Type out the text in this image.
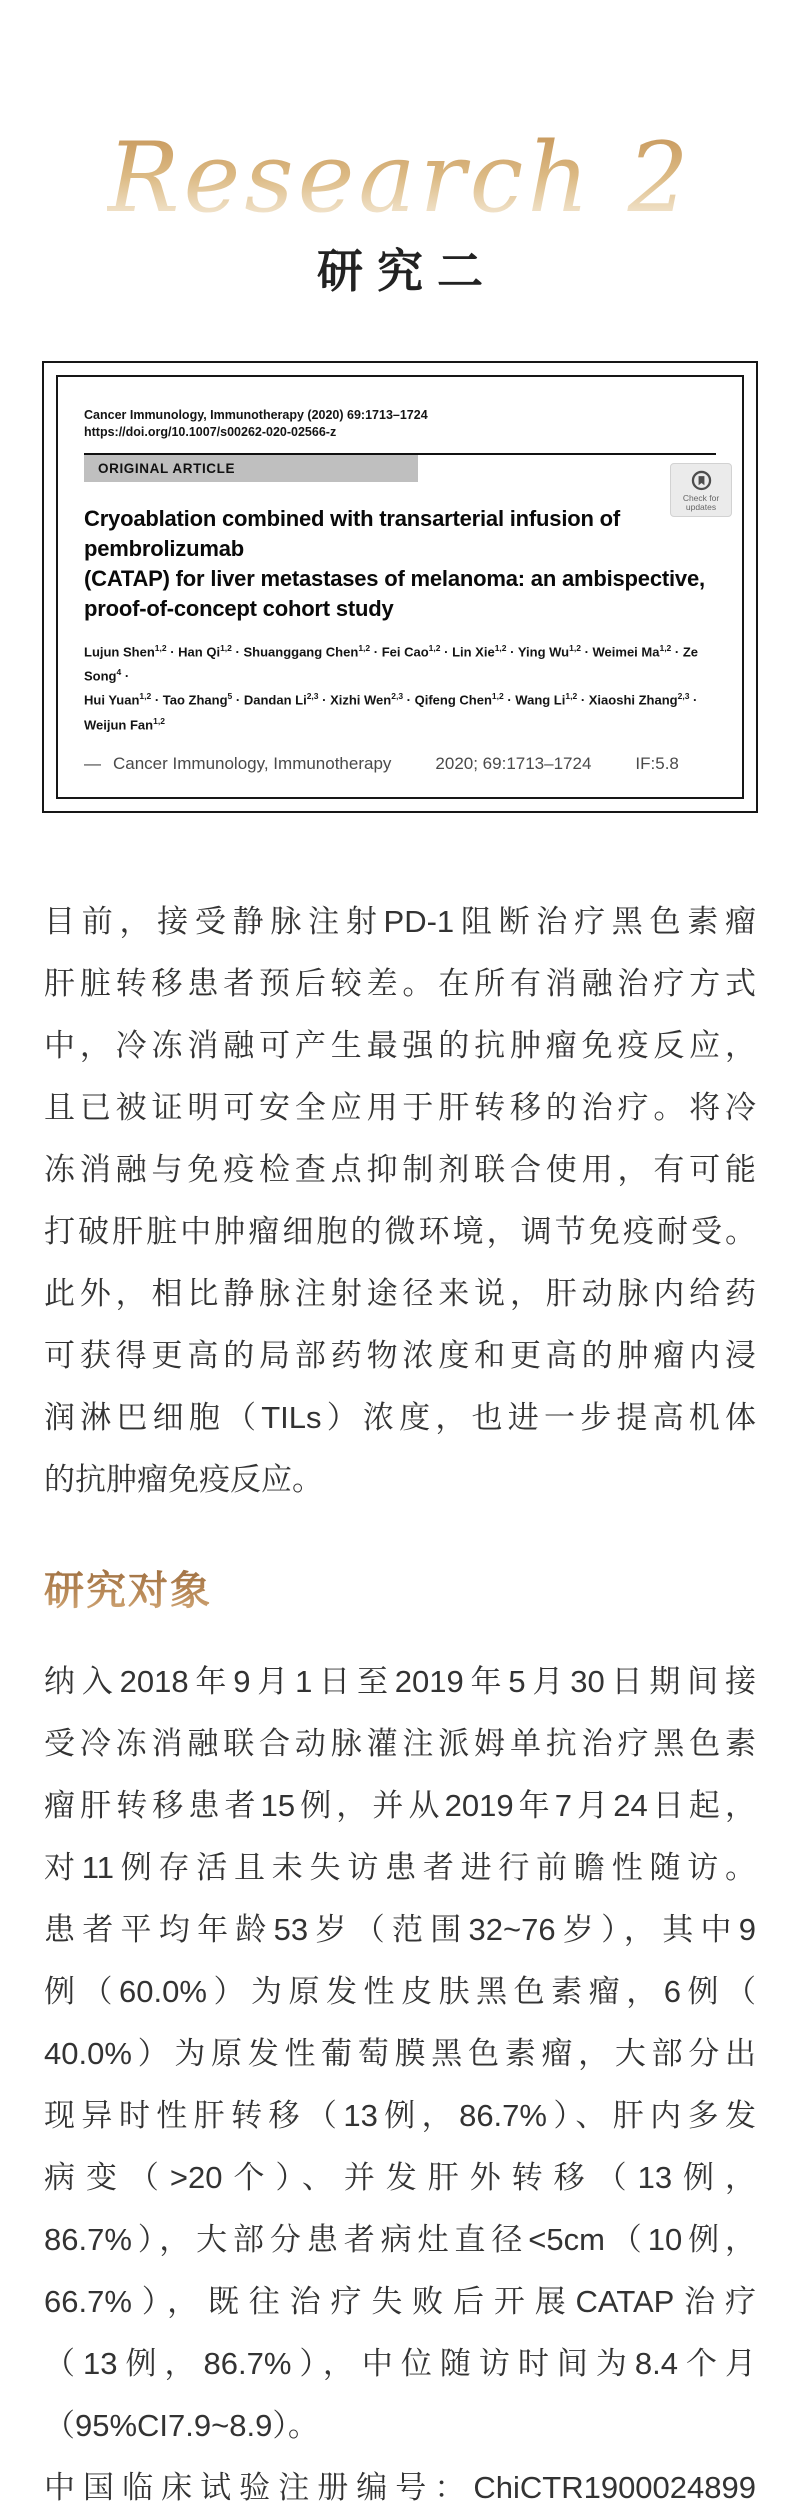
Research 2
研究二
Cancer Immunology, Immunotherapy (2020) 69:1713–1724
https://doi.org/10.1007/s00262-020-02566-z
ORIGINAL ARTICLE
Check for
updates
Cryoablation combined with transarterial infusion of pembrolizumab
(CATAP) for liver metastases of melanoma: an ambispective,
proof-of-concept cohort study
Lujun Shen$^{1,2}$ · Han Qi$^{1,2}$ · Shuanggang Chen$^{1,2}$ · Fei Cao$^{1,2}$ · Lin Xie$^{1,2}$ · Ying Wu$^{1,2}$ · Weimei Ma$^{1,2}$ · Ze Song$^4$ ·
Hui Yuan$^{1,2}$ · Tao Zhang$^5$ · Dandan Li$^{2,3}$ · Xizhi Wen$^{2,3}$ · Qifeng Chen$^{1,2}$ · Wang Li$^{1,2}$ · Xiaoshi Zhang$^{2,3}$ · Weijun Fan$^{1,2}$
— Cancer Immunology, Immunotherapy	2020; 69:1713–1724	IF:5.8
目前，接受静脉注射PD-1阻断治疗黑色素瘤
肝脏转移患者预后较差。在所有消融治疗方式
中，冷冻消融可产生最强的抗肿瘤免疫反应，
且已被证明可安全应用于肝转移的治疗。将冷
冻消融与免疫检查点抑制剂联合使用，有可能
打破肝脏中肿瘤细胞的微环境，调节免疫耐受。
此外，相比静脉注射途径来说，肝动脉内给药
可获得更高的局部药物浓度和更高的肿瘤内浸
润淋巴细胞（TILs）浓度，也进一步提高机体
的抗肿瘤免疫反应。
研究对象
纳入2018年9月1日至2019年5月30日期间接
受冷冻消融联合动脉灌注派姆单抗治疗黑色素
瘤肝转移患者15例，并从2019年7月24日起，
对11例存活且未失访患者进行前瞻性随访。
患者平均年龄53岁（范围32~76岁），其中9
例（60.0%）为原发性皮肤黑色素瘤，6例（
40.0%）为原发性葡萄膜黑色素瘤，大部分出
现异时性肝转移（13例，86.7%）、肝内多发
病变（>20个）、并发肝外转移（13例，
86.7%），大部分患者病灶直径<5cm（10例，
66.7%），既往治疗失败后开展CATAP治疗
（13例，86.7%），中位随访时间为8.4个月
（95%CI7.9~8.9）。
中国临床试验注册编号：ChiCTR1900024899
